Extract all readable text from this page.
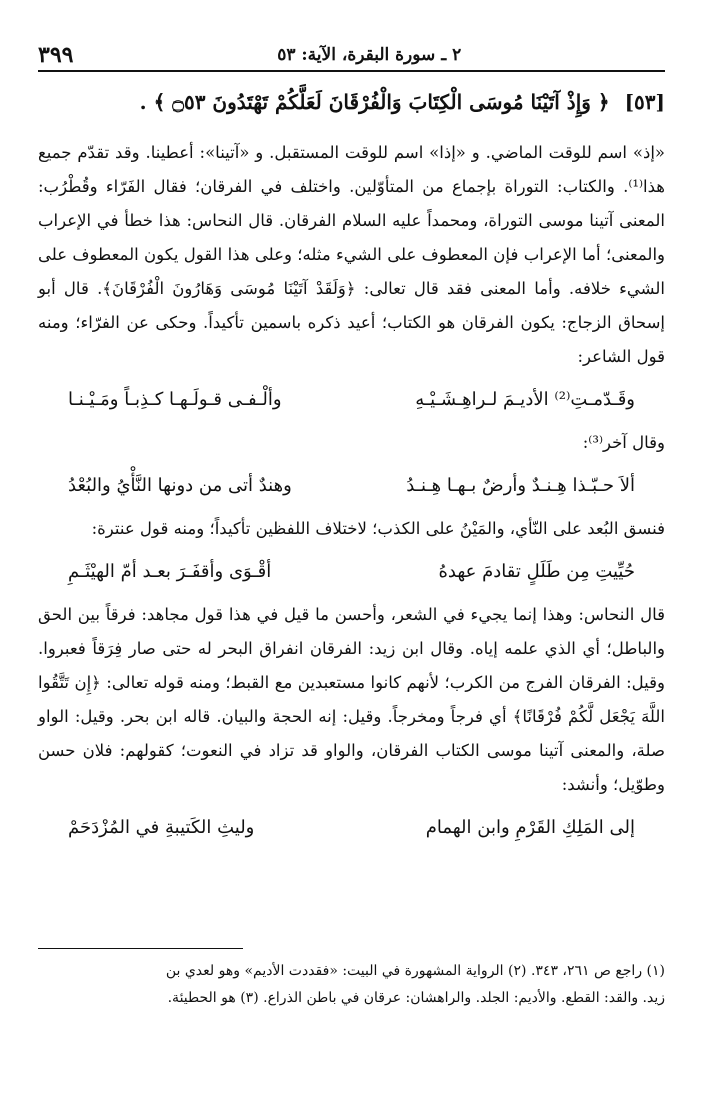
٢ ـ سورة البقرة، الآية: ٥٣
٣٩٩
[٥٣] ﴿ وَإِذْ آتَيْنَا مُوسَى الْكِتَابَ وَالْفُرْقَانَ لَعَلَّكُمْ تَهْتَدُونَ ۝٥٣ ﴾ .

«إذ» اسم للوقت الماضي. و «إذا» اسم للوقت المستقبل. و «آتينا»: أعطينا. وقد تقدّم جميع هذا⁽¹⁾. والكتاب: التوراة بإجماع من المتأوّلين. واختلف في الفرقان؛ فقال الفَرّاء وقُطْرُب: المعنى آتينا موسى التوراة، ومحمداً عليه السلام الفرقان. قال النحاس: هذا خطأ في الإعراب والمعنى؛ أما الإعراب فإن المعطوف على الشيء مثله؛ وعلى هذا القول يكون المعطوف على الشيء خلافه. وأما المعنى فقد قال تعالى: ﴿وَلَقَدْ آتَيْنَا مُوسَى وَهَارُونَ الْفُرْقَانَ﴾. قال أبو إسحاق الزجاج: يكون الفرقان هو الكتاب؛ أعيد ذكره باسمين تأكيداً. وحكى عن الفرّاء؛ ومنه قول الشاعر:

وقَـدّمـتِ⁽²⁾ الأديـمَ لـراهِـشَـيْـهِ
وألْـفـى قـولَـهـا كـذِبـاً ومَـيْـنـا

وقال آخر⁽³⁾:

ألاَ حـبّـذا هِـنـدٌ وأرضٌ بـهـا هِـنـدُ
وهندٌ أتى من دونها النَّأْيُ والبُعْدُ

فنسق البُعد على النّأي، والمَيْنُ على الكذب؛ لاختلاف اللفظين تأكيداً؛ ومنه قول عنترة:

حُيِّيتِ مِن طَلَلٍ تقادمَ عهدهُ
أقْـوَى وأقفَـرَ بعـد أمّ الهيْثَـمِ

قال النحاس: وهذا إنما يجيء في الشعر، وأحسن ما قيل في هذا قول مجاهد: فرقاً بين الحق والباطل؛ أي الذي علمه إياه. وقال ابن زيد: الفرقان انفراق البحر له حتى صار فِرَقاً فعبروا. وقيل: الفرقان الفرج من الكرب؛ لأنهم كانوا مستعبدين مع القبط؛ ومنه قوله تعالى: ﴿إِن تَتَّقُوا اللَّهَ يَجْعَل لَّكُمْ فُرْقَانًا﴾ أي فرجاً ومخرجاً. وقيل: إنه الحجة والبيان. قاله ابن بحر. وقيل: الواو صلة، والمعنى آتينا موسى الكتاب الفرقان، والواو قد تزاد في النعوت؛ كقولهم: فلان حسن وطوّيل؛ وأنشد:

إلى المَلِكِ القَرْمِ وابن الهمام
وليثِ الكَتيبةِ في المُزْدَحَمْ

(١) راجع ص ٢٦١، ٣٤٣. (٢) الرواية المشهورة في البيت: «فقددت الأديم» وهو لعدي بن

زيد. والقد: القطع. والأديم: الجلد. والراهشان: عرقان في باطن الذراع. (٣) هو الحطيئة.
